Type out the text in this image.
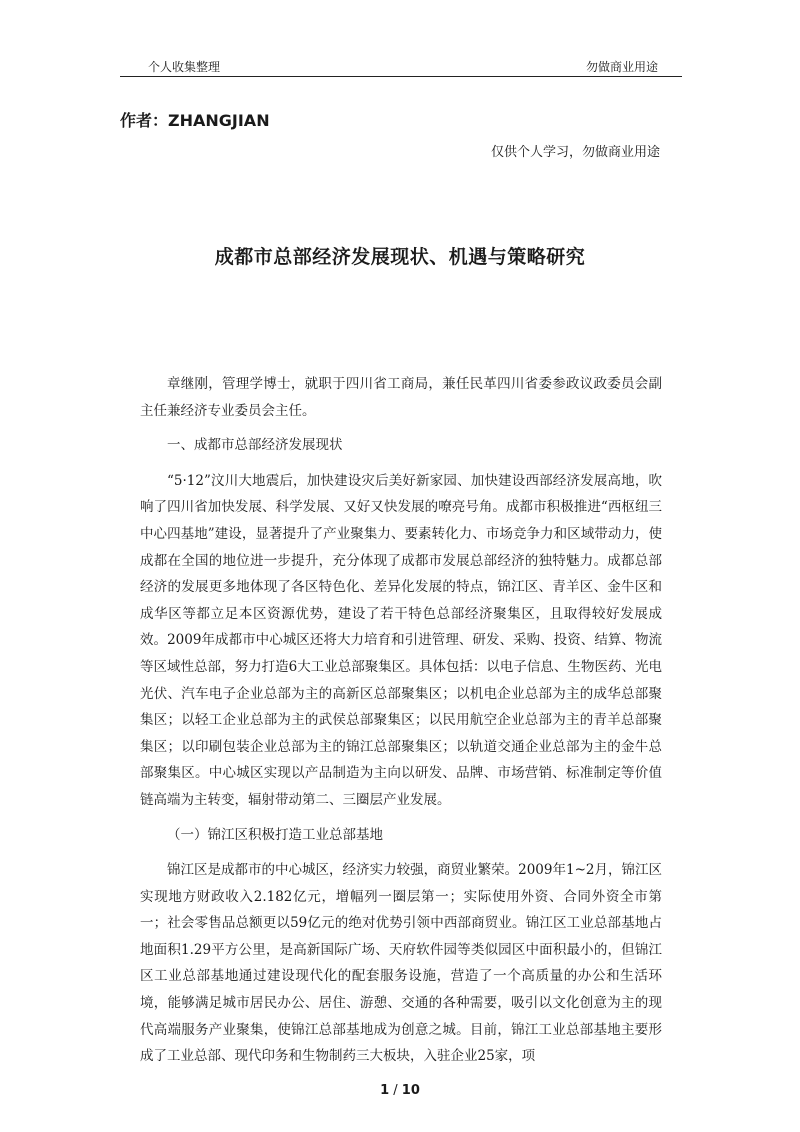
个人收集整理	勿做商业用途
作者：ZHANGJIAN
仅供个人学习，勿做商业用途
成都市总部经济发展现状、机遇与策略研究

章继刚，管理学博士，就职于四川省工商局，兼任民革四川省委参政议政委员会副主任兼经济专业委员会主任。

一、成都市总部经济发展现状

“5·12”汶川大地震后，加快建设灾后美好新家园、加快建设西部经济发展高地，吹响了四川省加快发展、科学发展、又好又快发展的嘹亮号角。成都市积极推进“西枢纽三中心四基地”建设，显著提升了产业聚集力、要素转化力、市场竞争力和区域带动力，使成都在全国的地位进一步提升，充分体现了成都市发展总部经济的独特魅力。成都总部经济的发展更多地体现了各区特色化、差异化发展的特点，锦江区、青羊区、金牛区和成华区等都立足本区资源优势，建设了若干特色总部经济聚集区，且取得较好发展成效。2009年成都市中心城区还将大力培育和引进管理、研发、采购、投资、结算、物流等区域性总部，努力打造6大工业总部聚集区。具体包括：以电子信息、生物医药、光电光伏、汽车电子企业总部为主的高新区总部聚集区；以机电企业总部为主的成华总部聚集区；以轻工企业总部为主的武侯总部聚集区；以民用航空企业总部为主的青羊总部聚集区；以印刷包装企业总部为主的锦江总部聚集区；以轨道交通企业总部为主的金牛总部聚集区。中心城区实现以产品制造为主向以研发、品牌、市场营销、标准制定等价值链高端为主转变，辐射带动第二、三圈层产业发展。

（一）锦江区积极打造工业总部基地

锦江区是成都市的中心城区，经济实力较强，商贸业繁荣。2009年1~2月，锦江区实现地方财政收入2.182亿元，增幅列一圈层第一；实际使用外资、合同外资全市第一；社会零售品总额更以59亿元的绝对优势引领中西部商贸业。锦江区工业总部基地占地面积1.29平方公里，是高新国际广场、天府软件园等类似园区中面积最小的，但锦江区工业总部基地通过建设现代化的配套服务设施，营造了一个高质量的办公和生活环境，能够满足城市居民办公、居住、游憩、交通的各种需要，吸引以文化创意为主的现代高端服务产业聚集，使锦江总部基地成为创意之城。目前，锦江工业总部基地主要形成了工业总部、现代印务和生物制药三大板块，入驻企业25家，项

1 / 10
